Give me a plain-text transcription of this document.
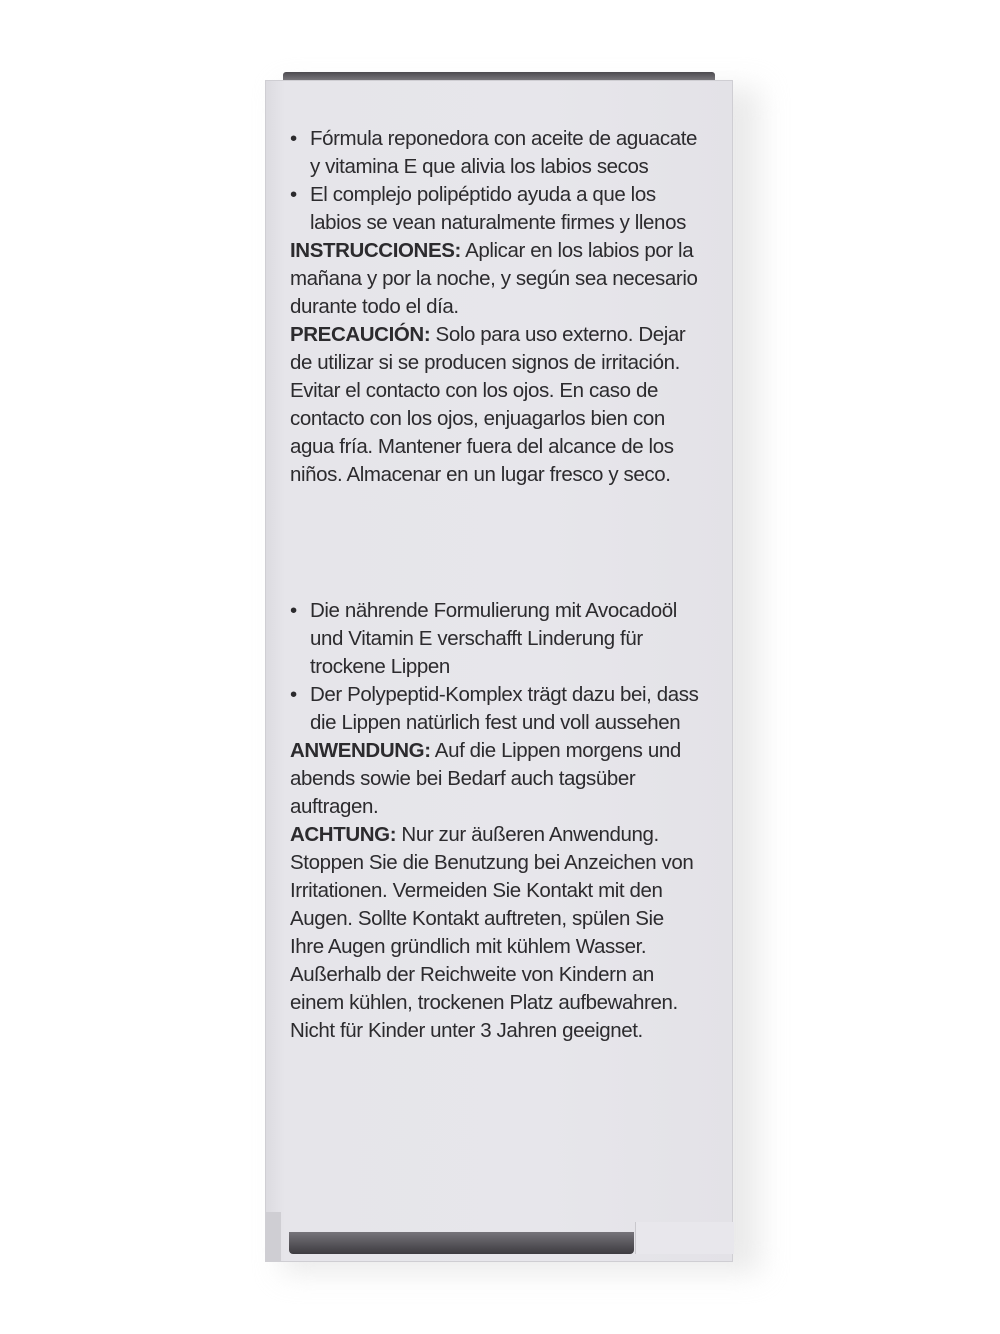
• Fórmula reponedora con aceite de aguacate y vitamina E que alivia los labios secos

• El complejo polipéptido ayuda a que los labios se vean naturalmente firmes y llenos

INSTRUCCIONES: Aplicar en los labios por la mañana y por la noche, y según sea necesario durante todo el día.

PRECAUCIÓN: Solo para uso externo. Dejar de utilizar si se producen signos de irritación. Evitar el contacto con los ojos. En caso de contacto con los ojos, enjuagarlos bien con agua fría. Mantener fuera del alcance de los niños. Almacenar en un lugar fresco y seco.

• Die nährende Formulierung mit Avocadoöl und Vitamin E verschafft Linderung für trockene Lippen

• Der Polypeptid-Komplex trägt dazu bei, dass die Lippen natürlich fest und voll aussehen

ANWENDUNG: Auf die Lippen morgens und abends sowie bei Bedarf auch tagsüber auftragen.

ACHTUNG: Nur zur äußeren Anwendung. Stoppen Sie die Benutzung bei Anzeichen von Irritationen. Vermeiden Sie Kontakt mit den Augen. Sollte Kontakt auftreten, spülen Sie Ihre Augen gründlich mit kühlem Wasser. Außerhalb der Reichweite von Kindern an einem kühlen, trockenen Platz aufbewahren. Nicht für Kinder unter 3 Jahren geeignet.
